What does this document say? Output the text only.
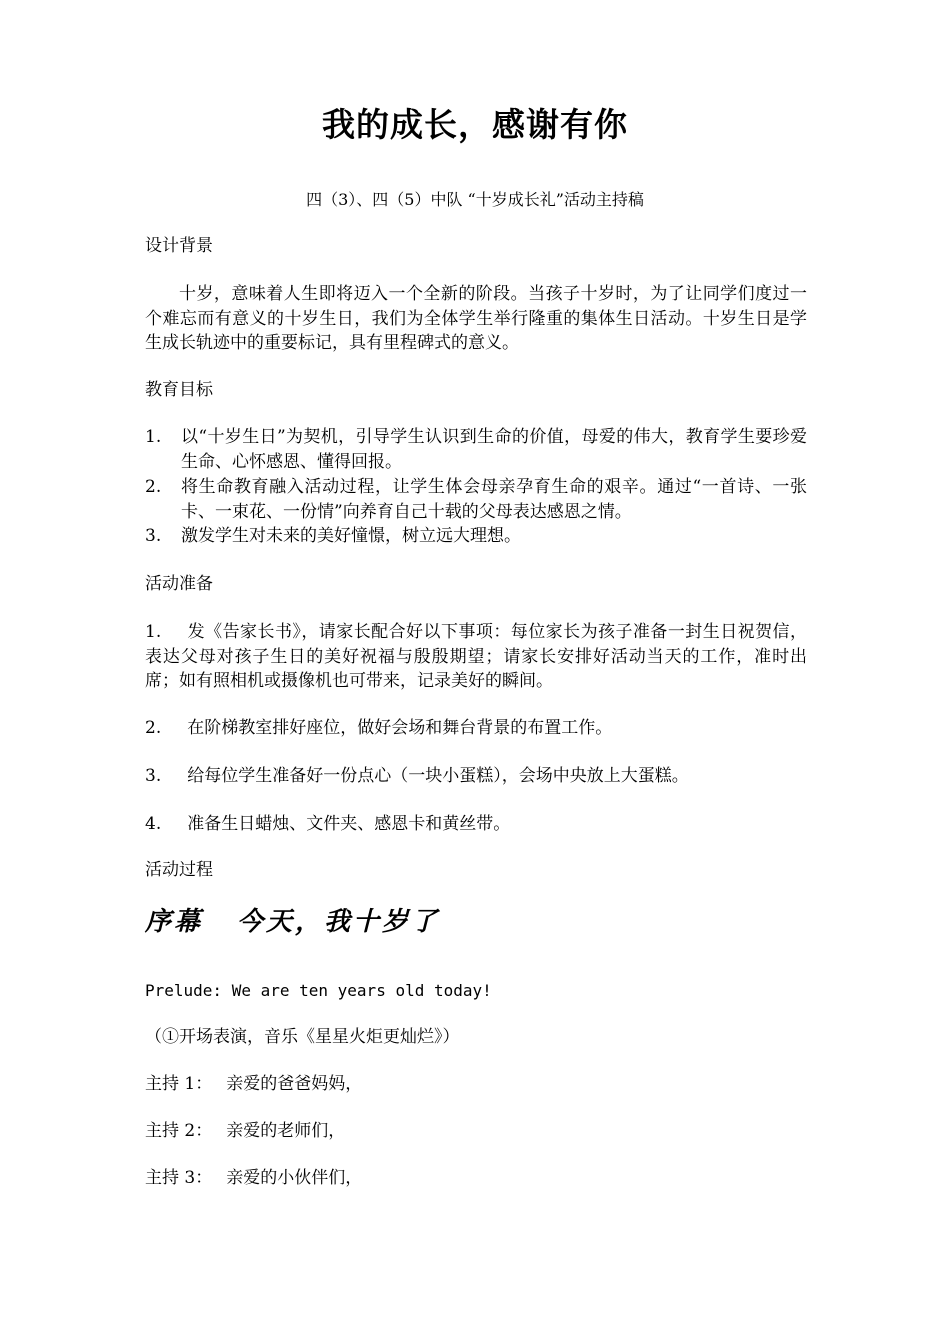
我的成长，感谢有你
四（3）、四（5）中队 “十岁成长礼”活动主持稿
设计背景
十岁，意味着人生即将迈入一个全新的阶段。当孩子十岁时，为了让同学们度过一个难忘而有意义的十岁生日，我们为全体学生举行隆重的集体生日活动。十岁生日是学生成长轨迹中的重要标记，具有里程碑式的意义。
教育目标
1.	以“十岁生日”为契机，引导学生认识到生命的价值，母爱的伟大，教育学生要珍爱生命、心怀感恩、懂得回报。
2.	将生命教育融入活动过程，让学生体会母亲孕育生命的艰辛。通过“一首诗、一张卡、一束花、一份情”向养育自己十载的父母表达感恩之情。
3.	激发学生对未来的美好憧憬，树立远大理想。
活动准备
1. 发《告家长书》，请家长配合好以下事项：每位家长为孩子准备一封生日祝贺信，表达父母对孩子生日的美好祝福与殷殷期望；请家长安排好活动当天的工作，准时出席；如有照相机或摄像机也可带来，记录美好的瞬间。
2. 在阶梯教室排好座位，做好会场和舞台背景的布置工作。
3. 给每位学生准备好一份点心（一块小蛋糕），会场中央放上大蛋糕。
4. 准备生日蜡烛、文件夹、感恩卡和黄丝带。
活动过程
序幕 今天，我十岁了
Prelude: We are ten years old today!
（①开场表演，音乐《星星火炬更灿烂》）
主持 1： 亲爱的爸爸妈妈，
主持 2： 亲爱的老师们，
主持 3： 亲爱的小伙伴们，
